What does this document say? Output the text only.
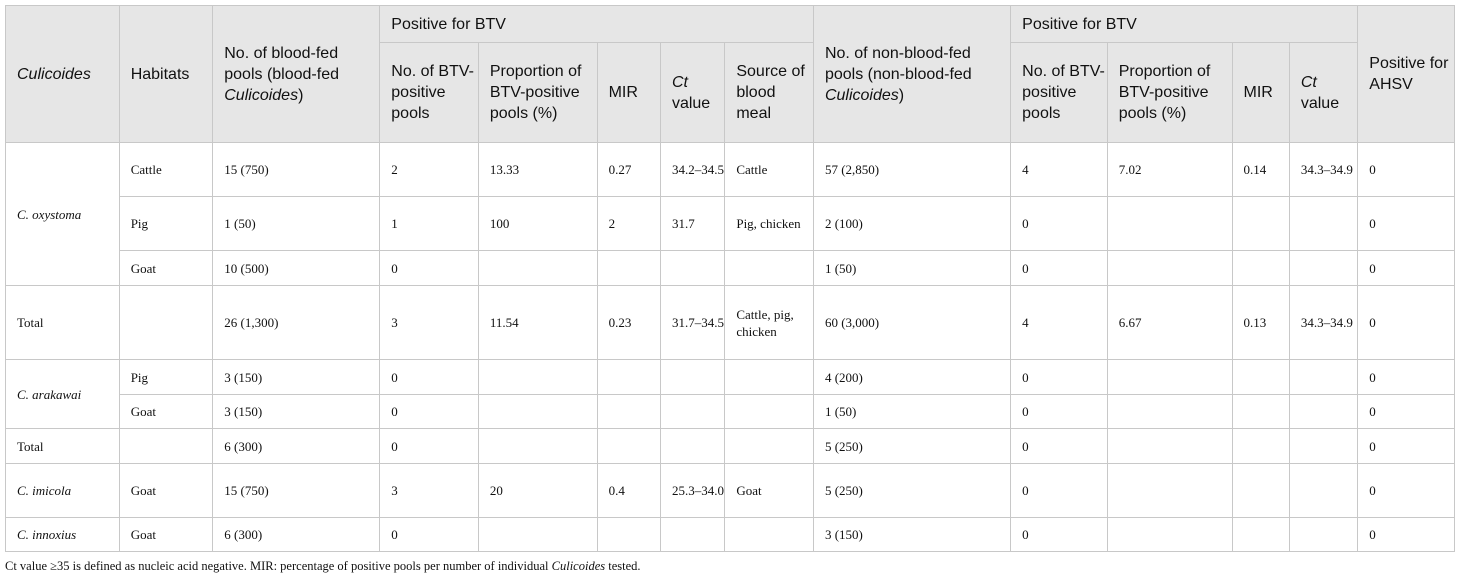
Culicoides	Habitats	No. of blood-fed pools (blood-fed Culicoides)	Positive for BTV					No. of non-blood-fed pools (non-blood-fed Culicoides)	Positive for BTV				Positive for AHSV
			No. of BTV-positive pools	Proportion of BTV-positive pools (%)	MIR	Ct value	Source of blood meal		No. of BTV-positive pools	Proportion of BTV-positive pools (%)	MIR	Ct value	
C. oxystoma	Cattle	15 (750)	2	13.33	0.27	34.2–34.5	Cattle	57 (2,850)	4	7.02	0.14	34.3–34.9	0
	Pig	1 (50)	1	100	2	31.7	Pig, chicken	2 (100)	0				0
	Goat	10 (500)	0					1 (50)	0				0
Total		26 (1,300)	3	11.54	0.23	31.7–34.5	Cattle, pig, chicken	60 (3,000)	4	6.67	0.13	34.3–34.9	0
C. arakawai	Pig	3 (150)	0					4 (200)	0				0
	Goat	3 (150)	0					1 (50)	0				0
Total		6 (300)	0					5 (250)	0				0
C. imicola	Goat	15 (750)	3	20	0.4	25.3–34.0	Goat	5 (250)	0				0
C. innoxius	Goat	6 (300)	0					3 (150)	0				0
Ct value ≥35 is defined as nucleic acid negative. MIR: percentage of positive pools per number of individual Culicoides tested.
